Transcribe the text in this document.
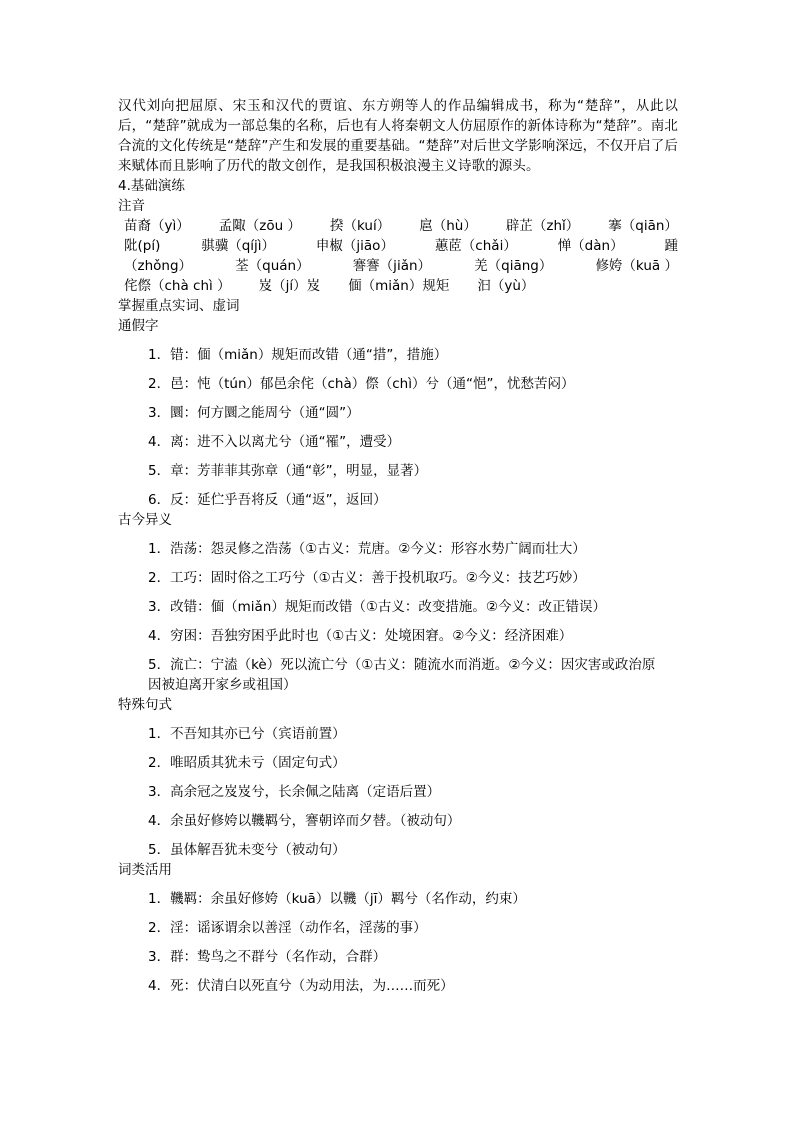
汉代刘向把屈原、宋玉和汉代的贾谊、东方朔等人的作品编辑成书，称为“楚辞”，从此以后，“楚辞”就成为一部总集的名称，后也有人将秦朝文人仿屈原作的新体诗称为“楚辞”。南北合流的文化传统是“楚辞”产生和发展的重要基础。“楚辞”对后世文学影响深远，不仅开启了后来赋体而且影响了历代的散文创作，是我国积极浪漫主义诗歌的源头。

4.基础演练

注音

苗裔（yì） 孟陬（zōu ） 揆（kuí） 扈（hù） 辟芷（zhǐ） 搴（qiān）
阰(pí)	骐骥（qíjì）	申椒（jiāo）	蕙茝（chǎi）	惮（dàn）	踵
（zhǒng）	荃（quán）	謇謇（jiǎn）	羌（qiāng）	修姱（kuā ）
侘傺（chà chì ） 岌（jí）岌 偭（miǎn）规矩 汩（yù）

掌握重点实词、虚词

通假字

1．错：偭（miǎn）规矩而改错（通“措”，措施）

2．邑：忳（tún）郁邑余侘（chà）傺（chì）兮（通“悒”，忧愁苦闷）

3．圜：何方圜之能周兮（通“圆”）

4．离：进不入以离尤兮（通“罹”，遭受）

5．章：芳菲菲其弥章（通“彰”，明显，显著）

6．反：延伫乎吾将反（通“返”，返回）

古今异义

1．浩荡：怨灵修之浩荡（①古义：荒唐。②今义：形容水势广阔而壮大）

2．工巧：固时俗之工巧兮（①古义：善于投机取巧。②今义：技艺巧妙）

3．改错：偭（miǎn）规矩而改错（①古义：改变措施。②今义：改正错误）

4．穷困：吾独穷困乎此时也（①古义：处境困窘。②今义：经济困难）

5．流亡：宁溘（kè）死以流亡兮（①古义：随流水而消逝。②今义：因灾害或政治原

因被迫离开家乡或祖国）

特殊句式

1．不吾知其亦已兮（宾语前置）

2．唯昭质其犹未亏（固定句式）

3．高余冠之岌岌兮，长余佩之陆离（定语后置）

4．余虽好修姱以鞿羁兮，謇朝谇而夕替。（被动句）

5．虽体解吾犹未变兮（被动句）

词类活用

1．鞿羁：余虽好修姱（kuā）以鞿（jī）羁兮（名作动，约束）

2．淫：谣诼谓余以善淫（动作名，淫荡的事）

3．群：鸷鸟之不群兮（名作动，合群）

4．死：伏清白以死直兮（为动用法，为……而死）
